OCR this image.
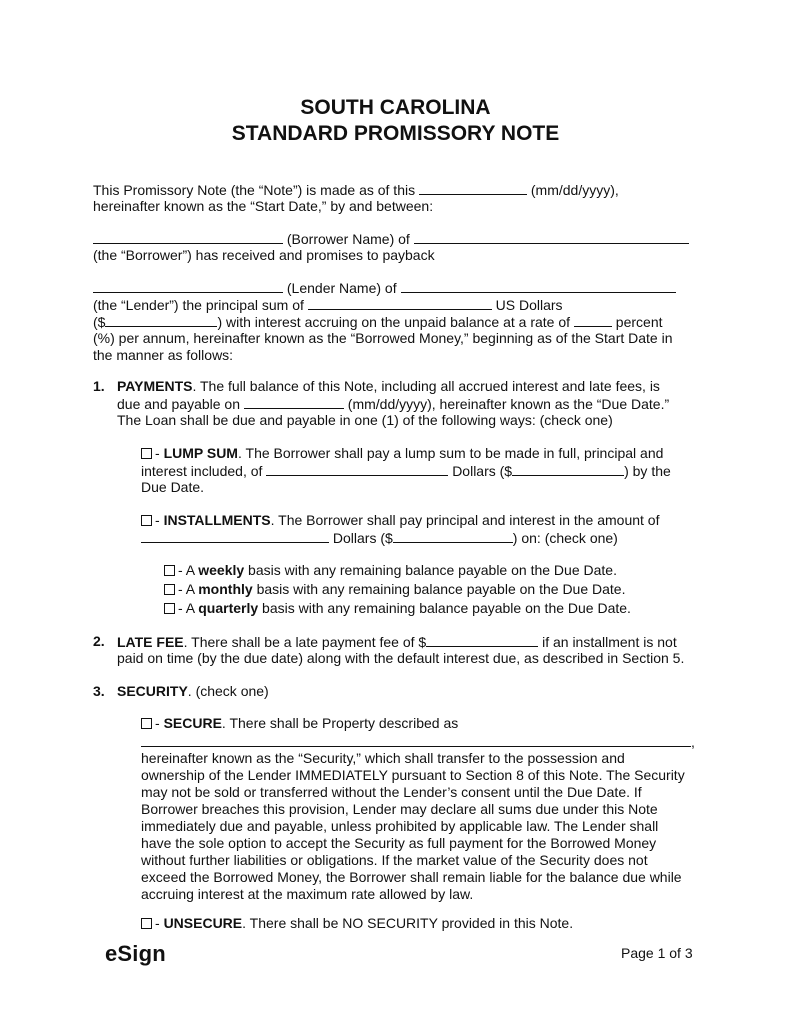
SOUTH CAROLINA
STANDARD PROMISSORY NOTE
This Promissory Note (the “Note”) is made as of this	(mm/dd/yyyy),
hereinafter known as the “Start Date,” by and between:
(Borrower Name) of
(the “Borrower”) has received and promises to payback
(Lender Name) of
(the “Lender”) the principal sum of	US Dollars
($	) with interest accruing on the unpaid balance at a rate of	percent
(%) per annum, hereinafter known as the “Borrowed Money,” beginning as of the Start Date in
the manner as follows:
1. PAYMENTS. The full balance of this Note, including all accrued interest and late fees, is
due and payable on	(mm/dd/yyyy), hereinafter known as the “Due Date.”
The Loan shall be due and payable in one (1) of the following ways: (check one)
- LUMP SUM. The Borrower shall pay a lump sum to be made in full, principal and
interest included, of	Dollars ($	) by the
Due Date.
- INSTALLMENTS. The Borrower shall pay principal and interest in the amount of
Dollars ($	) on: (check one)
- A weekly basis with any remaining balance payable on the Due Date.
- A monthly basis with any remaining balance payable on the Due Date.
- A quarterly basis with any remaining balance payable on the Due Date.
2. LATE FEE. There shall be a late payment fee of $	if an installment is not
paid on time (by the due date) along with the default interest due, as described in Section 5.
3. SECURITY. (check one)
- SECURE. There shall be Property described as
,
hereinafter known as the “Security,” which shall transfer to the possession and
ownership of the Lender IMMEDIATELY pursuant to Section 8 of this Note. The Security
may not be sold or transferred without the Lender’s consent until the Due Date. If
Borrower breaches this provision, Lender may declare all sums due under this Note
immediately due and payable, unless prohibited by applicable law. The Lender shall
have the sole option to accept the Security as full payment for the Borrowed Money
without further liabilities or obligations. If the market value of the Security does not
exceed the Borrowed Money, the Borrower shall remain liable for the balance due while
accruing interest at the maximum rate allowed by law.
- UNSECURE. There shall be NO SECURITY provided in this Note.
eSign	Page 1 of 3
